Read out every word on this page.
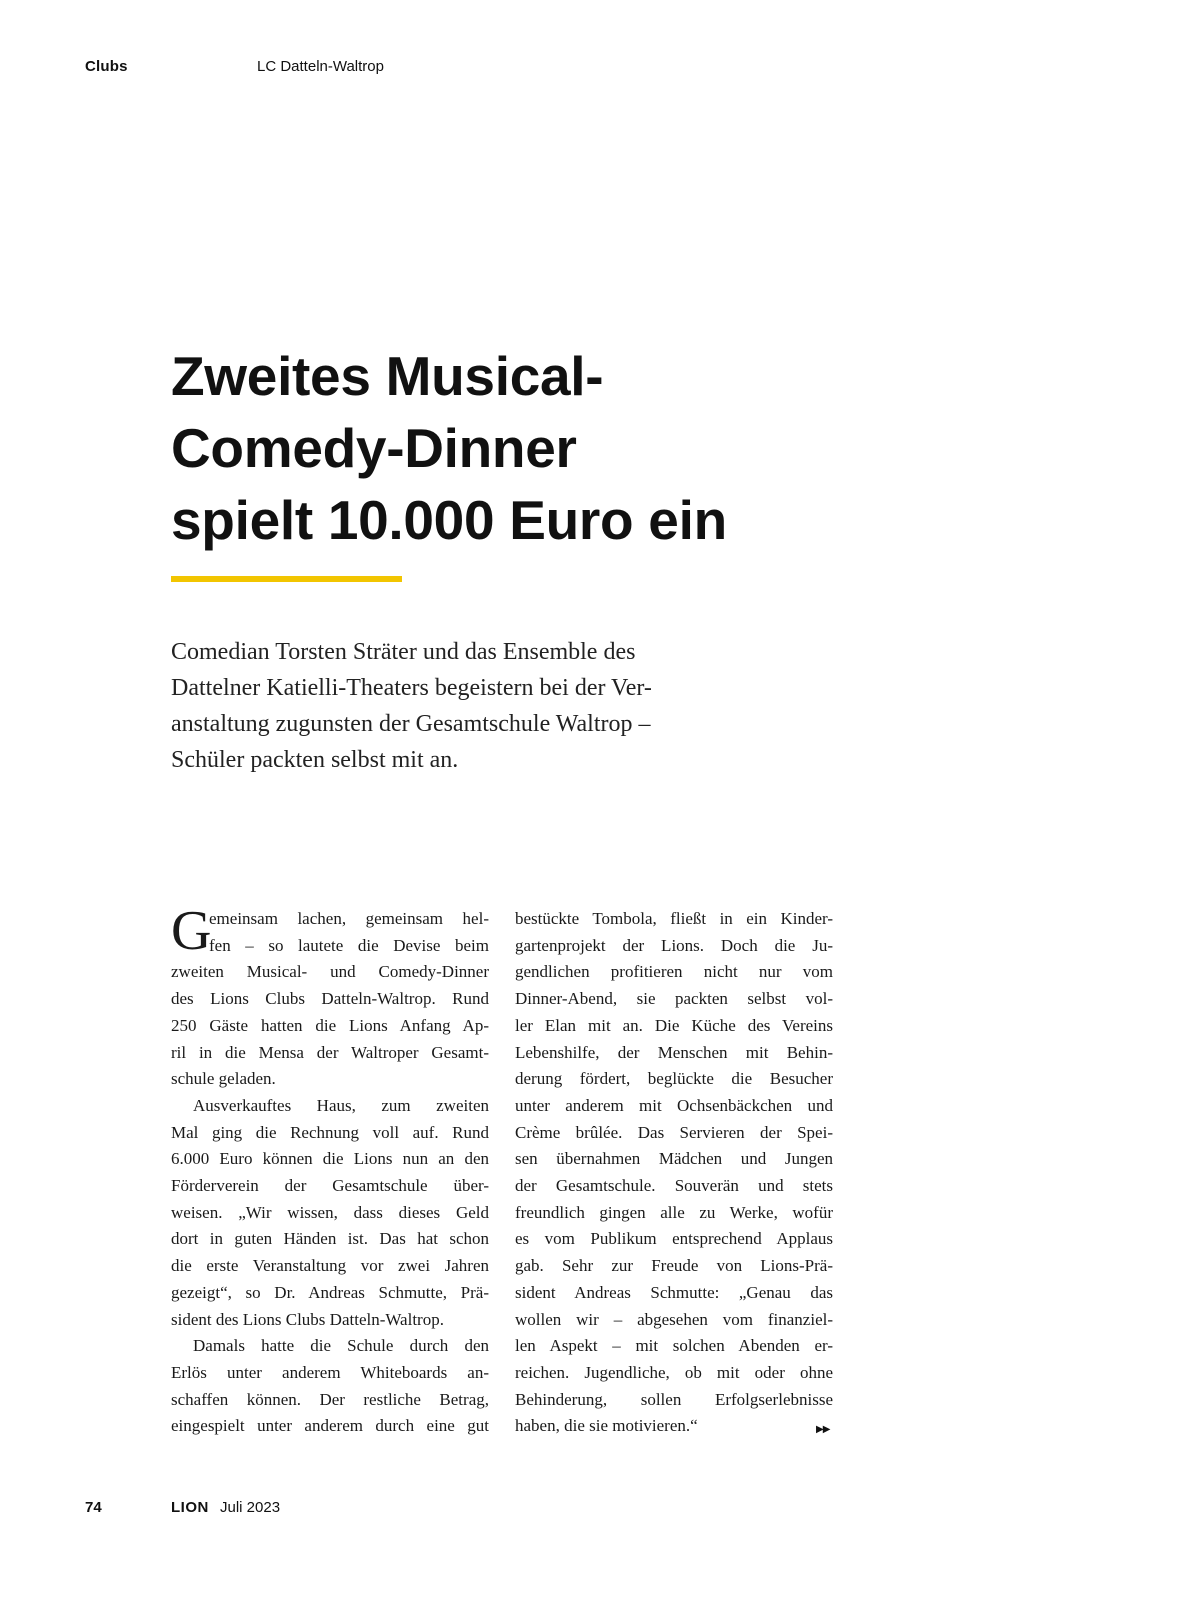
Clubs	LC Datteln-Waltrop
Zweites Musical-
Comedy-Dinner
spielt 10.000 Euro ein

Comedian Torsten Sträter und das Ensemble des
Dattelner Katielli-Theaters begeistern bei der Ver-
anstaltung zugunsten der Gesamtschule Waltrop –
Schüler packten selbst mit an.

G
emeinsam lachen, gemeinsam hel-
fen – so lautete die Devise beim
zweiten Musical- und Comedy-Dinner
des Lions Clubs Datteln-Waltrop. Rund
250 Gäste hatten die Lions Anfang Ap-
ril in die Mensa der Waltroper Gesamt-
schule geladen.

Ausverkauftes Haus, zum zweiten
Mal ging die Rechnung voll auf. Rund
6.000 Euro können die Lions nun an den
Förderverein der Gesamtschule über-
weisen. „Wir wissen, dass dieses Geld
dort in guten Händen ist. Das hat schon
die erste Veranstaltung vor zwei Jahren
gezeigt“, so Dr. Andreas Schmutte, Prä-
sident des Lions Clubs Datteln-Waltrop.

Damals hatte die Schule durch den
Erlös unter anderem Whiteboards an-
schaffen können. Der restliche Betrag,
eingespielt unter anderem durch eine gut

bestückte Tombola, fließt in ein Kinder-
gartenprojekt der Lions. Doch die Ju-
gendlichen profitieren nicht nur vom
Dinner-Abend, sie packten selbst vol-
ler Elan mit an. Die Küche des Vereins
Lebenshilfe, der Menschen mit Behin-
derung fördert, beglückte die Besucher
unter anderem mit Ochsenbäckchen und
Crème brûlée. Das Servieren der Spei-
sen übernahmen Mädchen und Jungen
der Gesamtschule. Souverän und stets
freundlich gingen alle zu Werke, wofür
es vom Publikum entsprechend Applaus
gab. Sehr zur Freude von Lions-Prä-
sident Andreas Schmutte: „Genau das
wollen wir – abgesehen vom finanziel-
len Aspekt – mit solchen Abenden er-
reichen. Jugendliche, ob mit oder ohne
Behinderung, sollen Erfolgserlebnisse
haben, die sie motivieren.“	▶▶
74	LION Juli 2023
